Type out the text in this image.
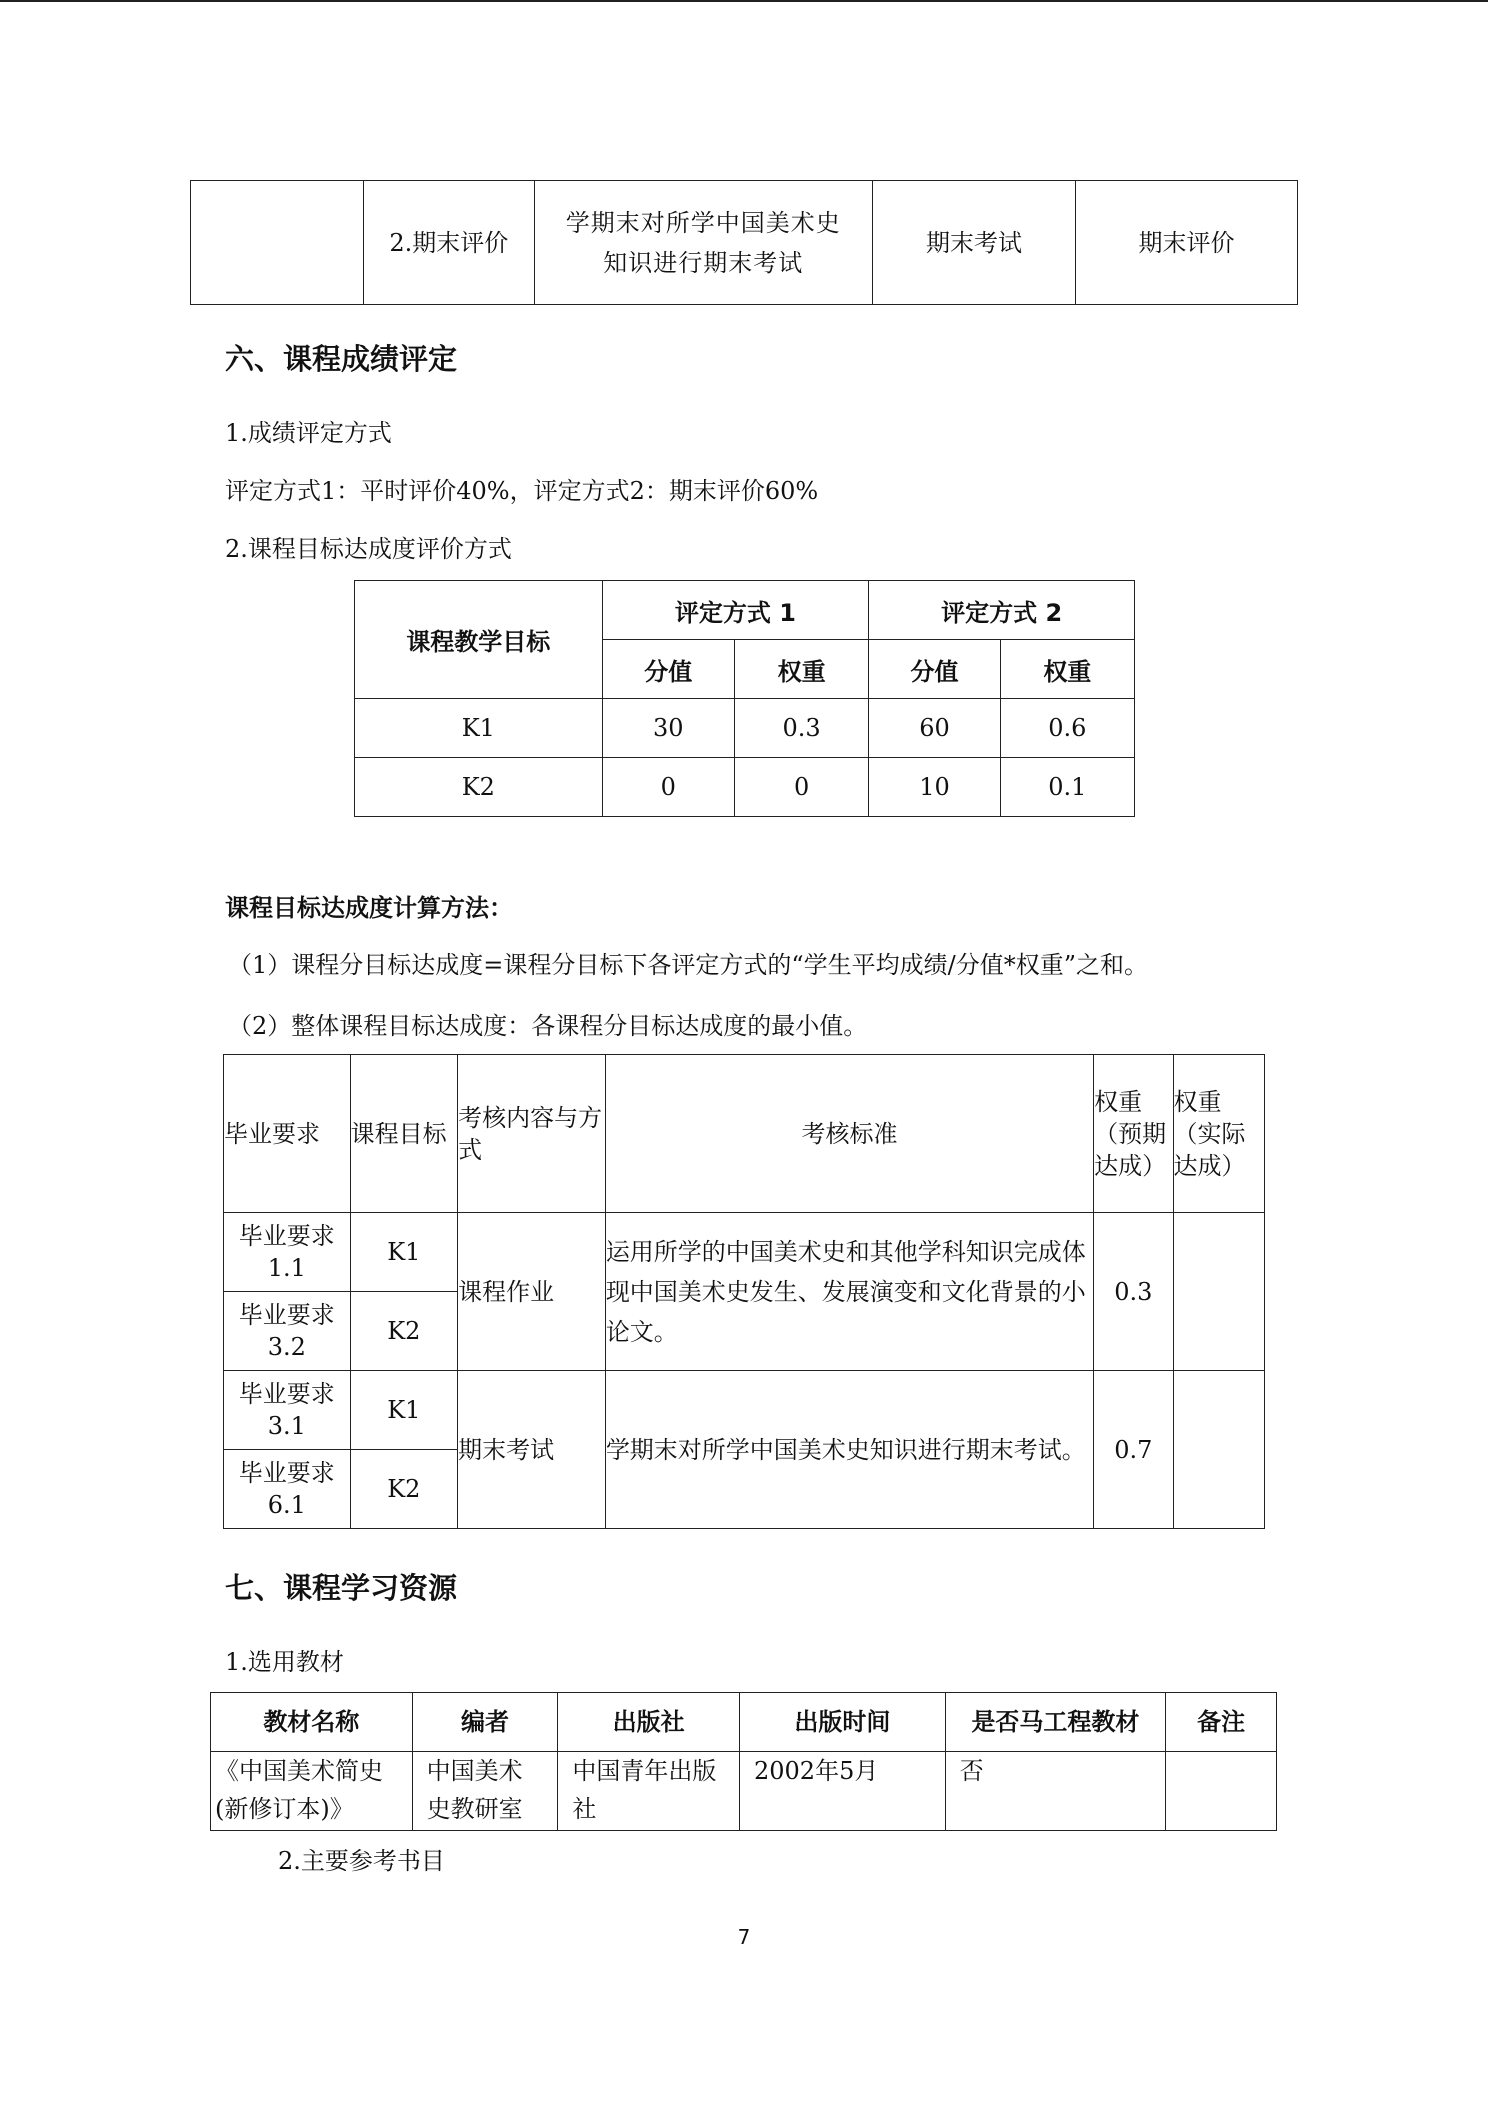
	2.期末评价	学期末对所学中国美术史知识进行期末考试	期末考试	期末评价
六、课程成绩评定
1.成绩评定方式
评定方式1：平时评价40%，评定方式2：期末评价60%
2.课程目标达成度评价方式
课程教学目标	评定方式 1		评定方式 2	
	分值	权重	分值	权重
K1	30	0.3	60	0.6
K2	0	0	10	0.1
课程目标达成度计算方法：
（1）课程分目标达成度=课程分目标下各评定方式的“学生平均成绩/分值*权重”之和。
（2）整体课程目标达成度：各课程分目标达成度的最小值。
毕业要求	课程目标	考核内容与方式	考核标准	权重（预期达成）	权重（实际达成）
毕业要求1.1	K1	课程作业	运用所学的中国美术史和其他学科知识完成体现中国美术史发生、发展演变和文化背景的小论文。	0.3	
毕业要求3.2	K2				
毕业要求3.1	K1	期末考试	学期末对所学中国美术史知识进行期末考试。	0.7	
毕业要求6.1	K2				
七、课程学习资源
1.选用教材
教材名称	编者	出版社	出版时间	是否马工程教材	备注
《中国美术简史(新修订本)》	中国美术史教研室	中国青年出版社	2002年5月	否	
2.主要参考书目
7
